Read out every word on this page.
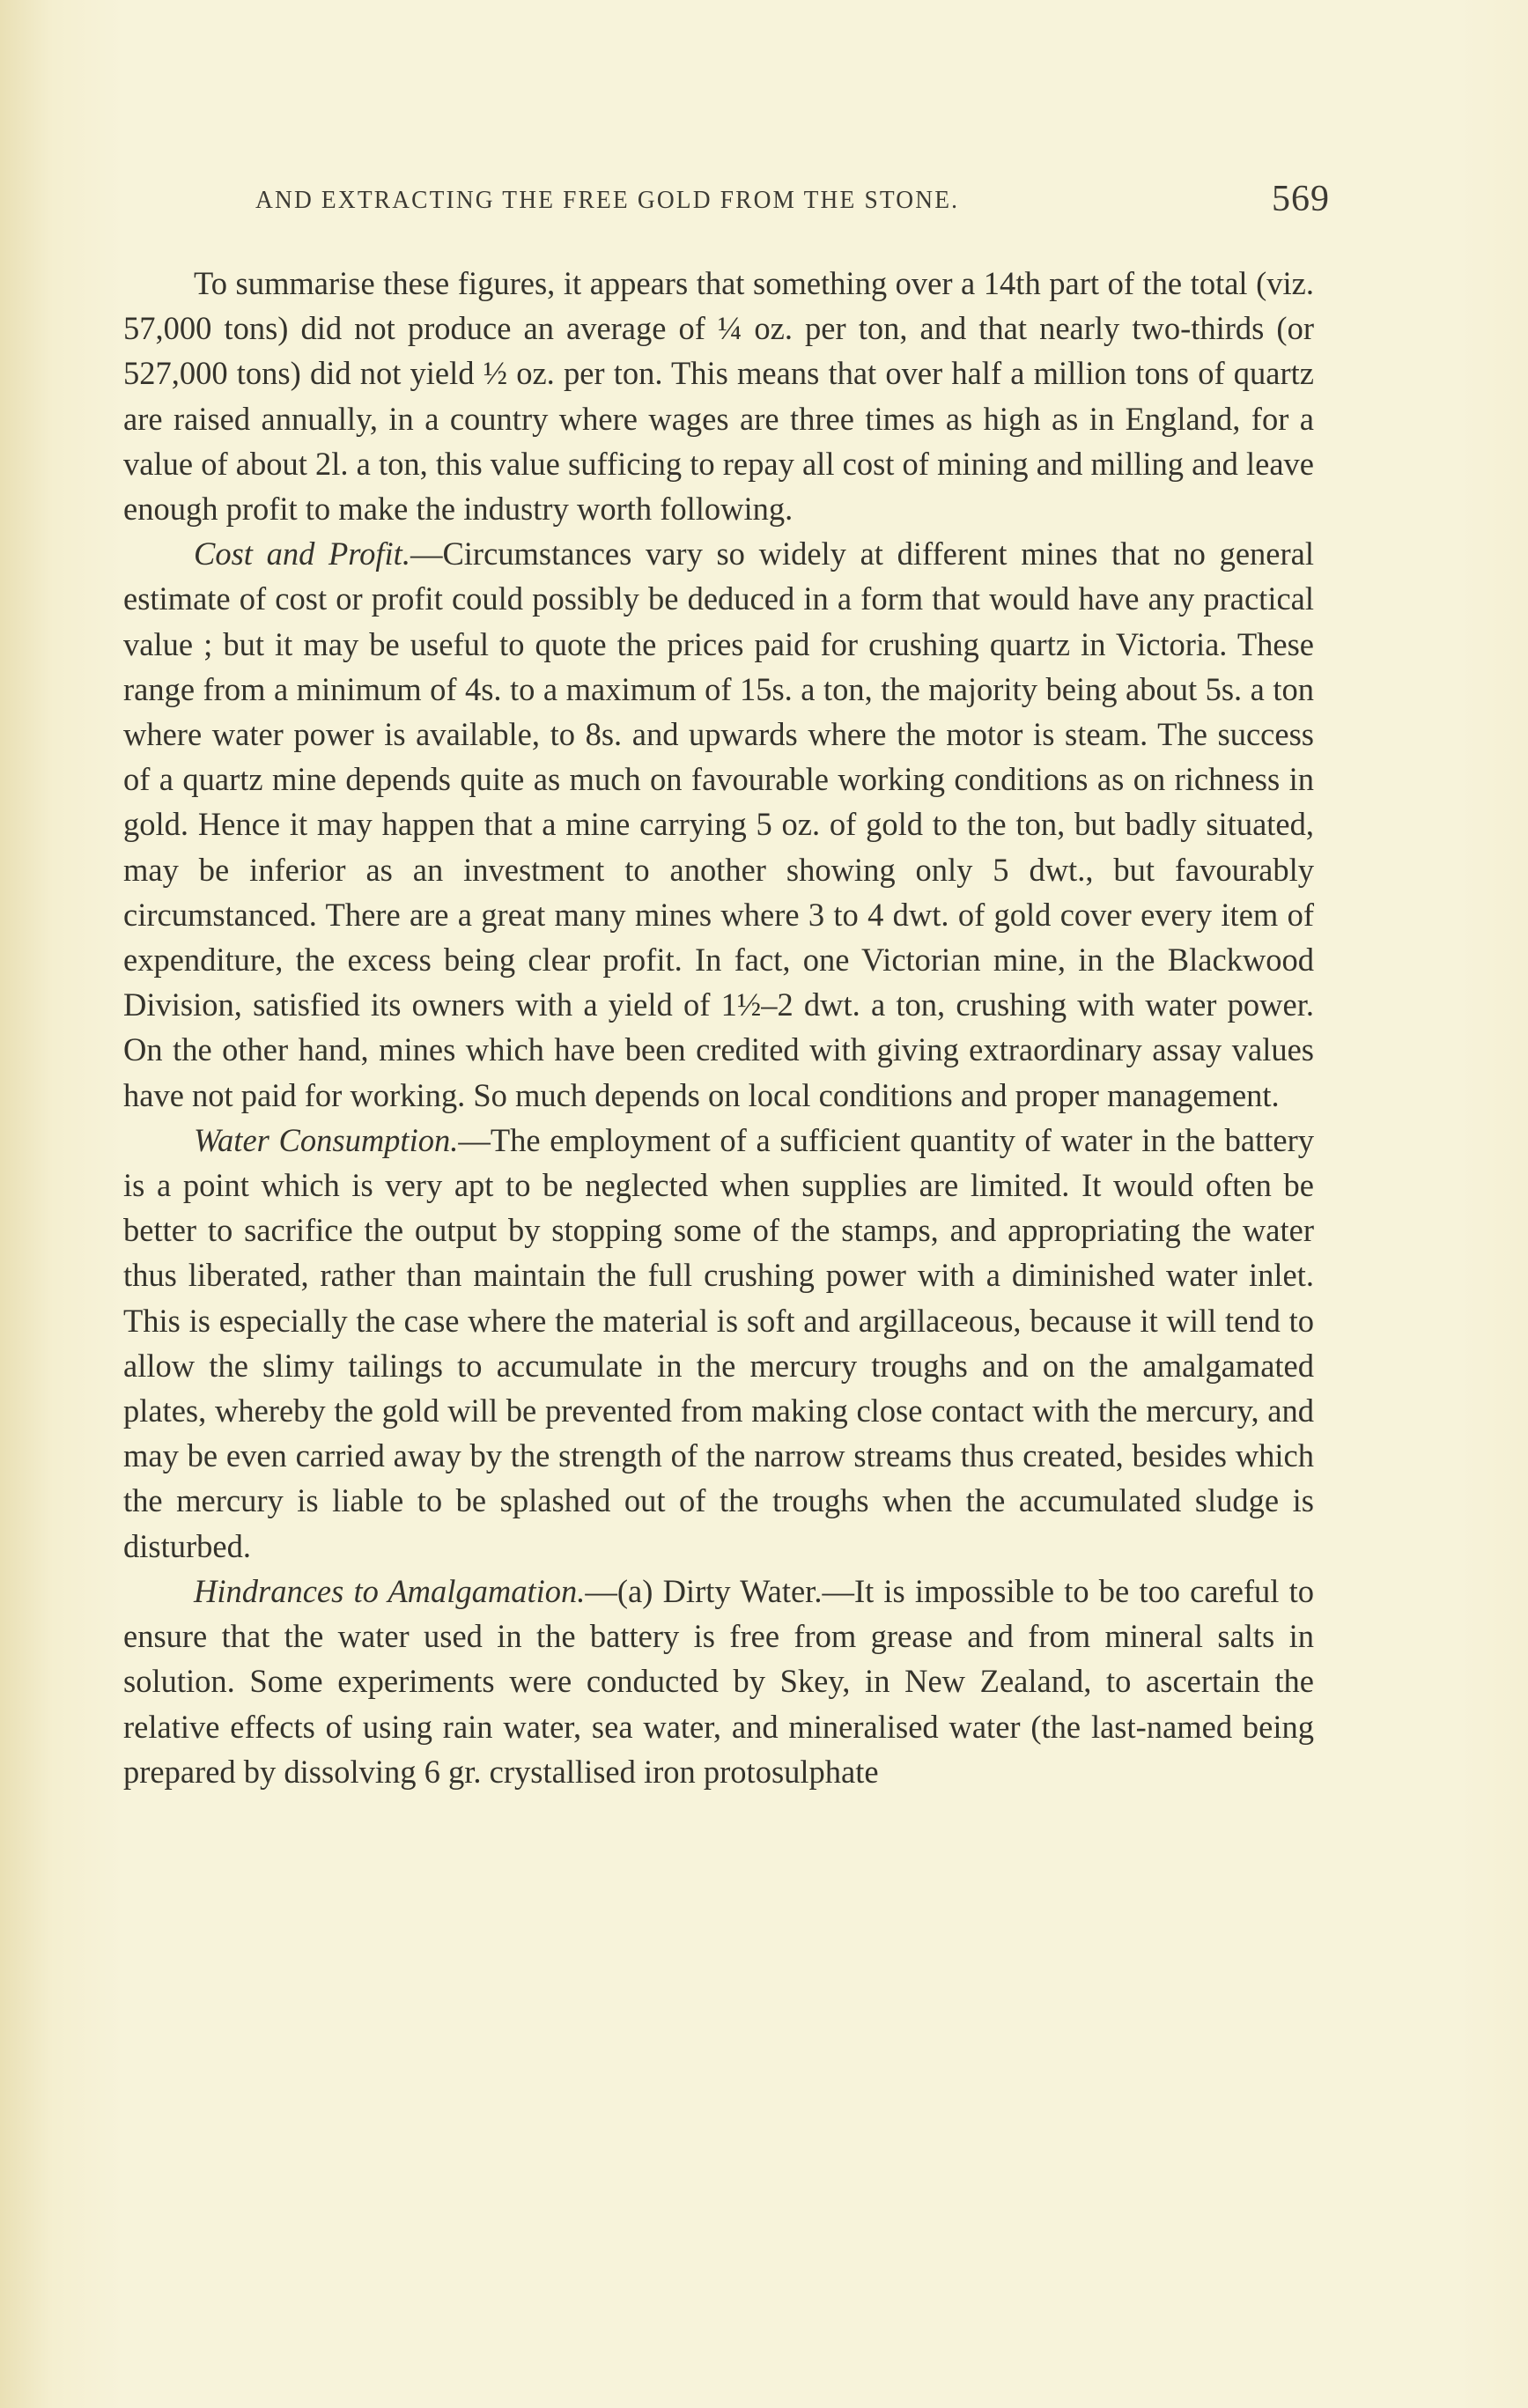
AND EXTRACTING THE FREE GOLD FROM THE STONE.	569

To summarise these figures, it appears that something over a 14th part of the total (viz. 57,000 tons) did not produce an average of ¼ oz. per ton, and that nearly two-thirds (or 527,000 tons) did not yield ½ oz. per ton. This means that over half a million tons of quartz are raised annually, in a country where wages are three times as high as in England, for a value of about 2l. a ton, this value sufficing to repay all cost of mining and milling and leave enough profit to make the industry worth following.

Cost and Profit.—Circumstances vary so widely at different mines that no general estimate of cost or profit could possibly be deduced in a form that would have any practical value ; but it may be useful to quote the prices paid for crushing quartz in Victoria. These range from a minimum of 4s. to a maximum of 15s. a ton, the majority being about 5s. a ton where water power is available, to 8s. and upwards where the motor is steam. The success of a quartz mine depends quite as much on favourable working conditions as on richness in gold. Hence it may happen that a mine carrying 5 oz. of gold to the ton, but badly situated, may be inferior as an investment to another showing only 5 dwt., but favourably circumstanced. There are a great many mines where 3 to 4 dwt. of gold cover every item of expenditure, the excess being clear profit. In fact, one Victorian mine, in the Blackwood Division, satisfied its owners with a yield of 1½–2 dwt. a ton, crushing with water power. On the other hand, mines which have been credited with giving extraordinary assay values have not paid for working. So much depends on local conditions and proper management.

Water Consumption.—The employment of a sufficient quantity of water in the battery is a point which is very apt to be neglected when supplies are limited. It would often be better to sacrifice the output by stopping some of the stamps, and appropriating the water thus liberated, rather than maintain the full crushing power with a diminished water inlet. This is especially the case where the material is soft and argillaceous, because it will tend to allow the slimy tailings to accumulate in the mercury troughs and on the amalgamated plates, whereby the gold will be prevented from making close contact with the mercury, and may be even carried away by the strength of the narrow streams thus created, besides which the mercury is liable to be splashed out of the troughs when the accumulated sludge is disturbed.

Hindrances to Amalgamation.—(a) Dirty Water.—It is impossible to be too careful to ensure that the water used in the battery is free from grease and from mineral salts in solution. Some experiments were conducted by Skey, in New Zealand, to ascertain the relative effects of using rain water, sea water, and mineralised water (the last-named being prepared by dissolving 6 gr. crystallised iron protosulphate
